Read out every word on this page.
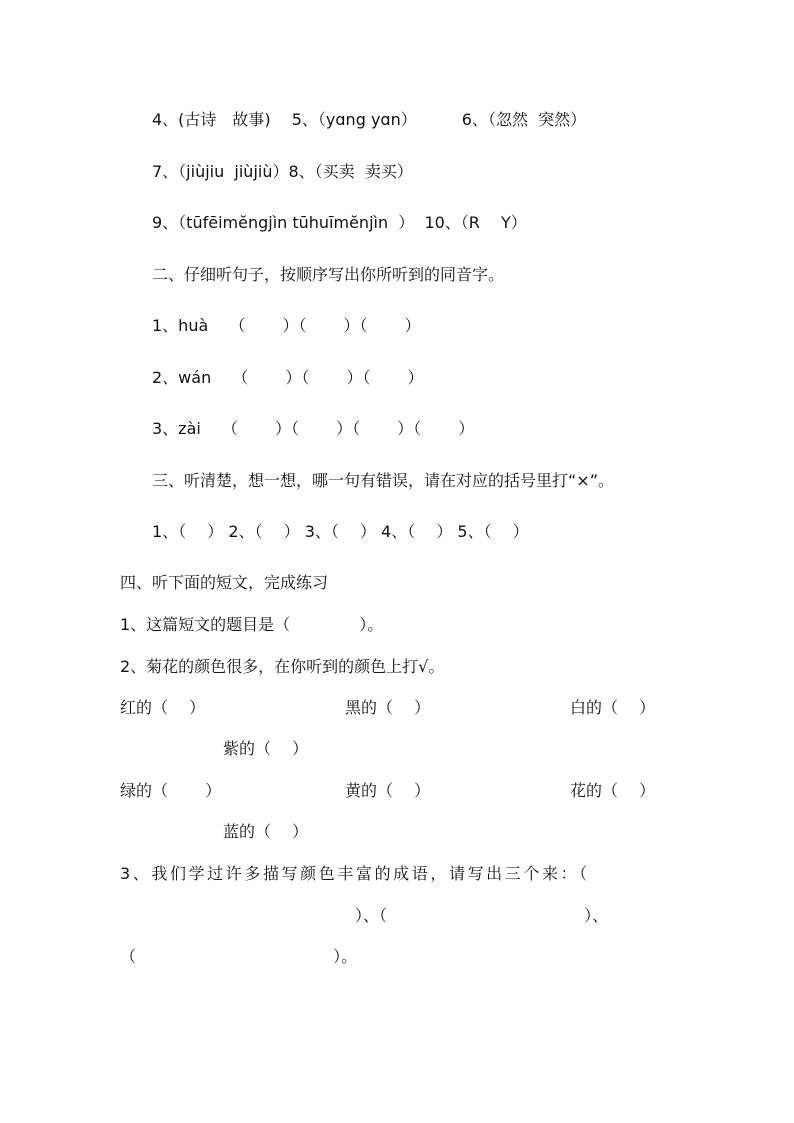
4、(古诗　故事)　 5、（yɑng yɑn）　　　 6、（忽然  突然）
7、（jiùjiu  jiùjiù）8、（买卖  卖买）
9、（tūfēimĕngjìn tūhuīmĕnjìn  ）  10、（R　 Y）
二、仔细听句子，按顺序写出你所听到的同音字。
1、huà　 （　　 ）（　　 ）（　　 ）
2、wán　 （　　 ）（　　 ）（　　 ）
3、zài　 （　　 ）（　　 ）（　　 ）（　　 ）
三、听清楚，想一想，哪一句有错误，请在对应的括号里打“×”。
1、（　 ） 2、（　 ） 3、（　 ） 4、（　 ） 5、（　 ）
四、听下面的短文，完成练习
1、这篇短文的题目是（　　　　 ）。
2、菊花的颜色很多，在你听到的颜色上打√。
红的（　 ）	黑的（　 ）	白的（　 ）
紫的（　 ）
绿的（　　 ）	黄的（　 ）	花的（　 ）
蓝的（　 ）
3、我们学过许多描写颜色丰富的成语，请写出三个来：（
）、（　　　　　　　　　　　　 ）、
（　　　　　　　　　　　　 ）。
